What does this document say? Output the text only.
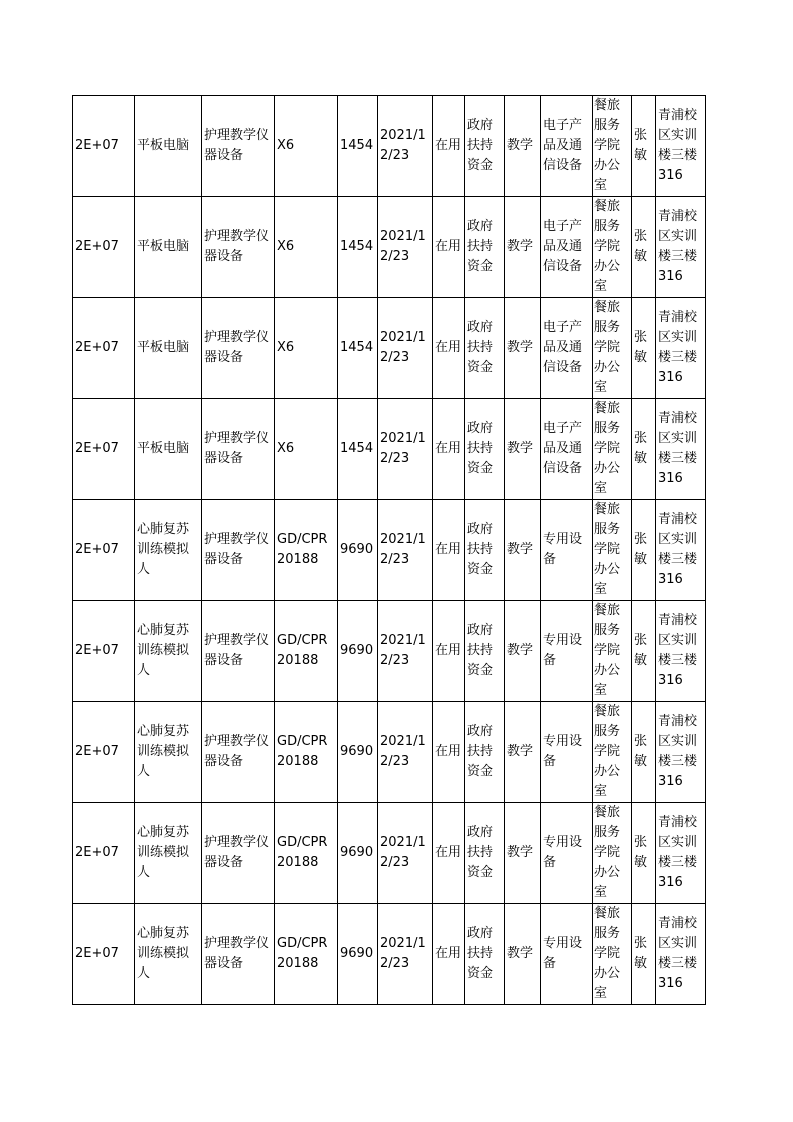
2E+07	平板电脑	护理教学仪器设备	X6	1454	2021/12/23	在用	政府扶持资金	教学	电子产品及通信设备	餐旅服务学院办公室	张敏	青浦校区实训楼三楼316
2E+07	平板电脑	护理教学仪器设备	X6	1454	2021/12/23	在用	政府扶持资金	教学	电子产品及通信设备	餐旅服务学院办公室	张敏	青浦校区实训楼三楼316
2E+07	平板电脑	护理教学仪器设备	X6	1454	2021/12/23	在用	政府扶持资金	教学	电子产品及通信设备	餐旅服务学院办公室	张敏	青浦校区实训楼三楼316
2E+07	平板电脑	护理教学仪器设备	X6	1454	2021/12/23	在用	政府扶持资金	教学	电子产品及通信设备	餐旅服务学院办公室	张敏	青浦校区实训楼三楼316
2E+07	心肺复苏训练模拟人	护理教学仪器设备	GD/CPR20188	9690	2021/12/23	在用	政府扶持资金	教学	专用设备	餐旅服务学院办公室	张敏	青浦校区实训楼三楼316
2E+07	心肺复苏训练模拟人	护理教学仪器设备	GD/CPR20188	9690	2021/12/23	在用	政府扶持资金	教学	专用设备	餐旅服务学院办公室	张敏	青浦校区实训楼三楼316
2E+07	心肺复苏训练模拟人	护理教学仪器设备	GD/CPR20188	9690	2021/12/23	在用	政府扶持资金	教学	专用设备	餐旅服务学院办公室	张敏	青浦校区实训楼三楼316
2E+07	心肺复苏训练模拟人	护理教学仪器设备	GD/CPR20188	9690	2021/12/23	在用	政府扶持资金	教学	专用设备	餐旅服务学院办公室	张敏	青浦校区实训楼三楼316
2E+07	心肺复苏训练模拟人	护理教学仪器设备	GD/CPR20188	9690	2021/12/23	在用	政府扶持资金	教学	专用设备	餐旅服务学院办公室	张敏	青浦校区实训楼三楼316
